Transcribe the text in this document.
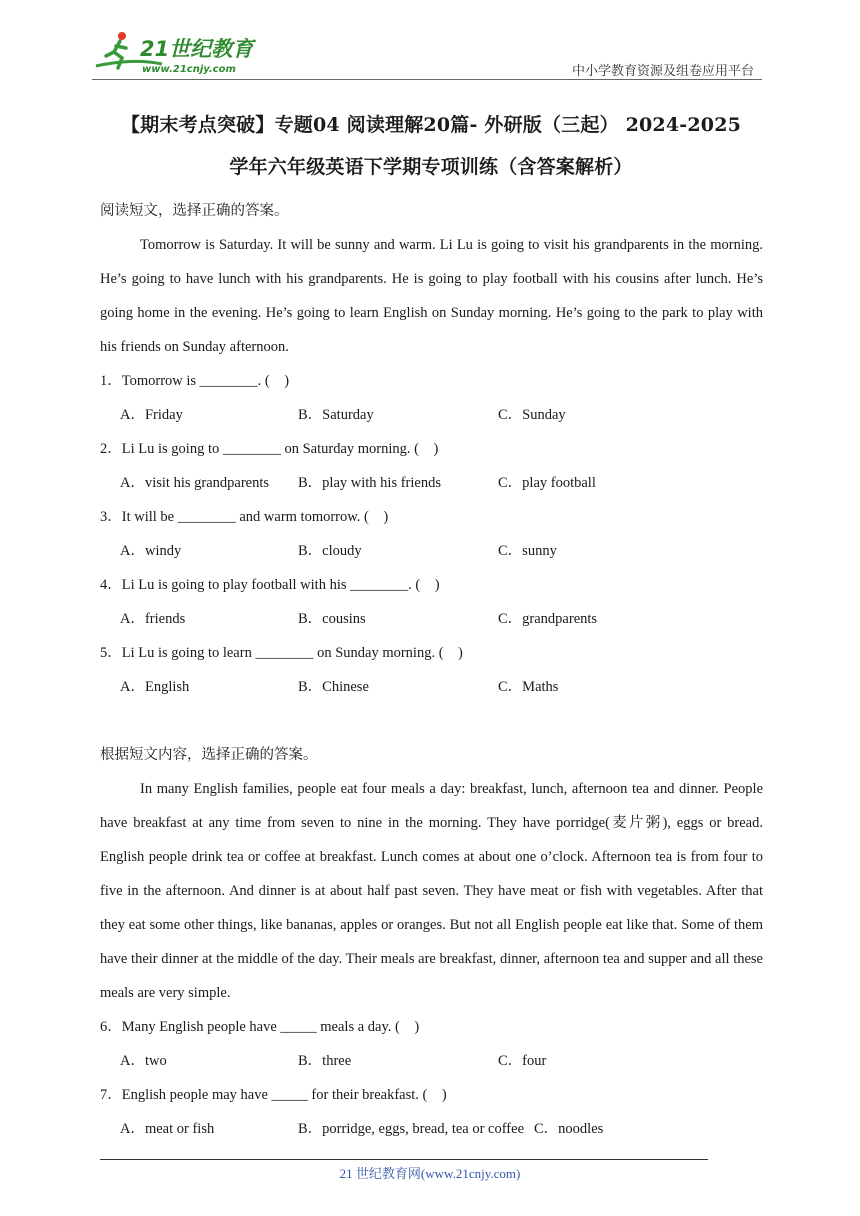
21世纪教育
www.21cnjy.com	中小学教育资源及组卷应用平台
【期末考点突破】专题04 阅读理解20篇- 外研版（三起） 2024-2025
学年六年级英语下学期专项训练（含答案解析）
阅读短文，选择正确的答案。
Tomorrow is Saturday. It will be sunny and warm. Li Lu is going to visit his grandparents in the morning. He’s going to have lunch with his grandparents. He is going to play football with his cousins after lunch. He’s going home in the evening. He’s going to learn English on Sunday morning. He’s going to the park to play with his friends on Sunday afternoon.
1．Tomorrow is ________. (　)
A．Friday	B．Saturday	C．Sunday
2．Li Lu is going to ________ on Saturday morning. (　)
A．visit his grandparents B．play with his friends	C．play football
3．It will be ________ and warm tomorrow. (　)
A．windy	B．cloudy	C．sunny
4．Li Lu is going to play football with his ________. (　)
A．friends	B．cousins	C．grandparents
5．Li Lu is going to learn ________ on Sunday morning. (　)
A．English	B．Chinese	C．Maths
根据短文内容，选择正确的答案。
In many English families, people eat four meals a day: breakfast, lunch, afternoon tea and dinner. People have breakfast at any time from seven to nine in the morning. They have porridge(麦片粥), eggs or bread. English people drink tea or coffee at breakfast. Lunch comes at about one o’clock. Afternoon tea is from four to five in the afternoon. And dinner is at about half past seven. They have meat or fish with vegetables. After that they eat some other things, like bananas, apples or oranges. But not all English people eat like that. Some of them have their dinner at the middle of the day. Their meals are breakfast, dinner, afternoon tea and supper and all these meals are very simple.
6．Many English people have _____ meals a day. (　)
A．two	B．three	C．four
7．English people may have _____ for their breakfast. (　)
A．meat or fish	B．porridge, eggs, bread, tea or coffee C．noodles
21 世纪教育网(www.21cnjy.com)
